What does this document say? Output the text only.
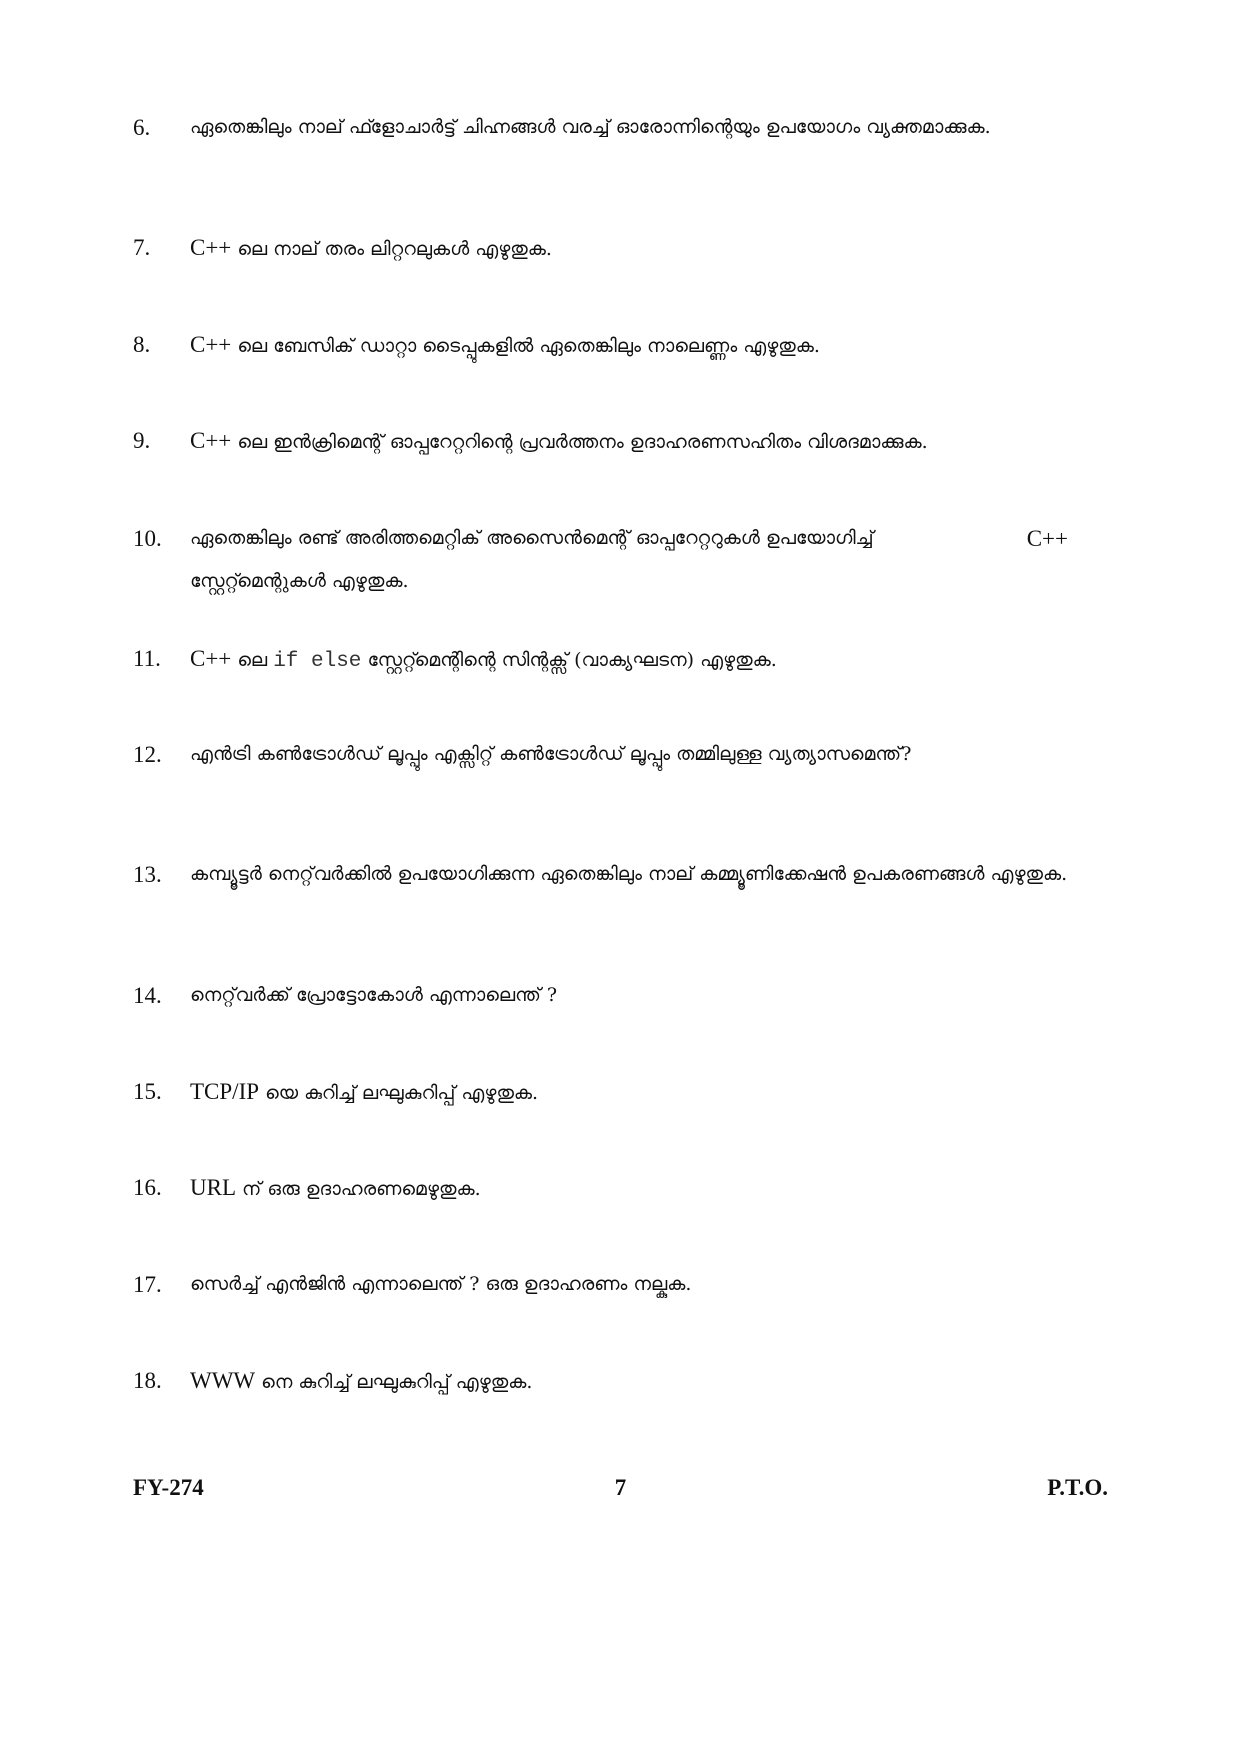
6.	ഏതെങ്കിലും നാല് ഫ്ളോചാർട്ട് ചിഹ്നങ്ങൾ വരച്ച് ഓരോന്നിന്റെയും ഉപയോഗം വ്യക്തമാക്കുക.
7.	C++ ലെ നാല് തരം ലിറ്ററലുകൾ എഴുതുക.
8.	C++ ലെ ബേസിക് ഡാറ്റാ ടൈപ്പുകളിൽ ഏതെങ്കിലും നാലെണ്ണം എഴുതുക.
9.	C++ ലെ ഇൻക്രിമെന്റ് ഓപ്പറേറ്ററിന്റെ പ്രവർത്തനം ഉദാഹരണസഹിതം വിശദമാക്കുക.
10.	ഏതെങ്കിലും രണ്ട് അരിത്തമെറ്റിക് അസൈൻമെന്റ് ഓപ്പറേറ്ററുകൾ ഉപയോഗിച്ച്	C++
സ്റ്റേറ്റ്മെന്റുകൾ എഴുതുക.
11.	C++ ലെ if else സ്റ്റേറ്റ്മെന്റിന്റെ സിന്റക്സ് (വാക്യഘടന) എഴുതുക.
12.	എൻട്രി കൺട്രോൾഡ് ലൂപ്പും എക്സിറ്റ് കൺട്രോൾഡ് ലൂപ്പും തമ്മിലുള്ള വ്യത്യാസമെന്ത്?
13.	കമ്പ്യൂട്ടർ നെറ്റ്‌വർക്കിൽ ഉപയോഗിക്കുന്ന ഏതെങ്കിലും നാല് കമ്മ്യൂണിക്കേഷൻ ഉപകരണങ്ങൾ എഴുതുക.
14.	നെറ്റ്‌വർക്ക് പ്രോട്ടോകോൾ എന്നാലെന്ത് ?
15.	TCP/IP യെ കുറിച്ച് ലഘുകുറിപ്പ് എഴുതുക.
16.	URL ന് ഒരു ഉദാഹരണമെഴുതുക.
17.	സെർച്ച് എൻജിൻ എന്നാലെന്ത് ? ഒരു ഉദാഹരണം നല്കുക.
18.	WWW നെ കുറിച്ച് ലഘുകുറിപ്പ് എഴുതുക.
FY-274	7	P.T.O.
